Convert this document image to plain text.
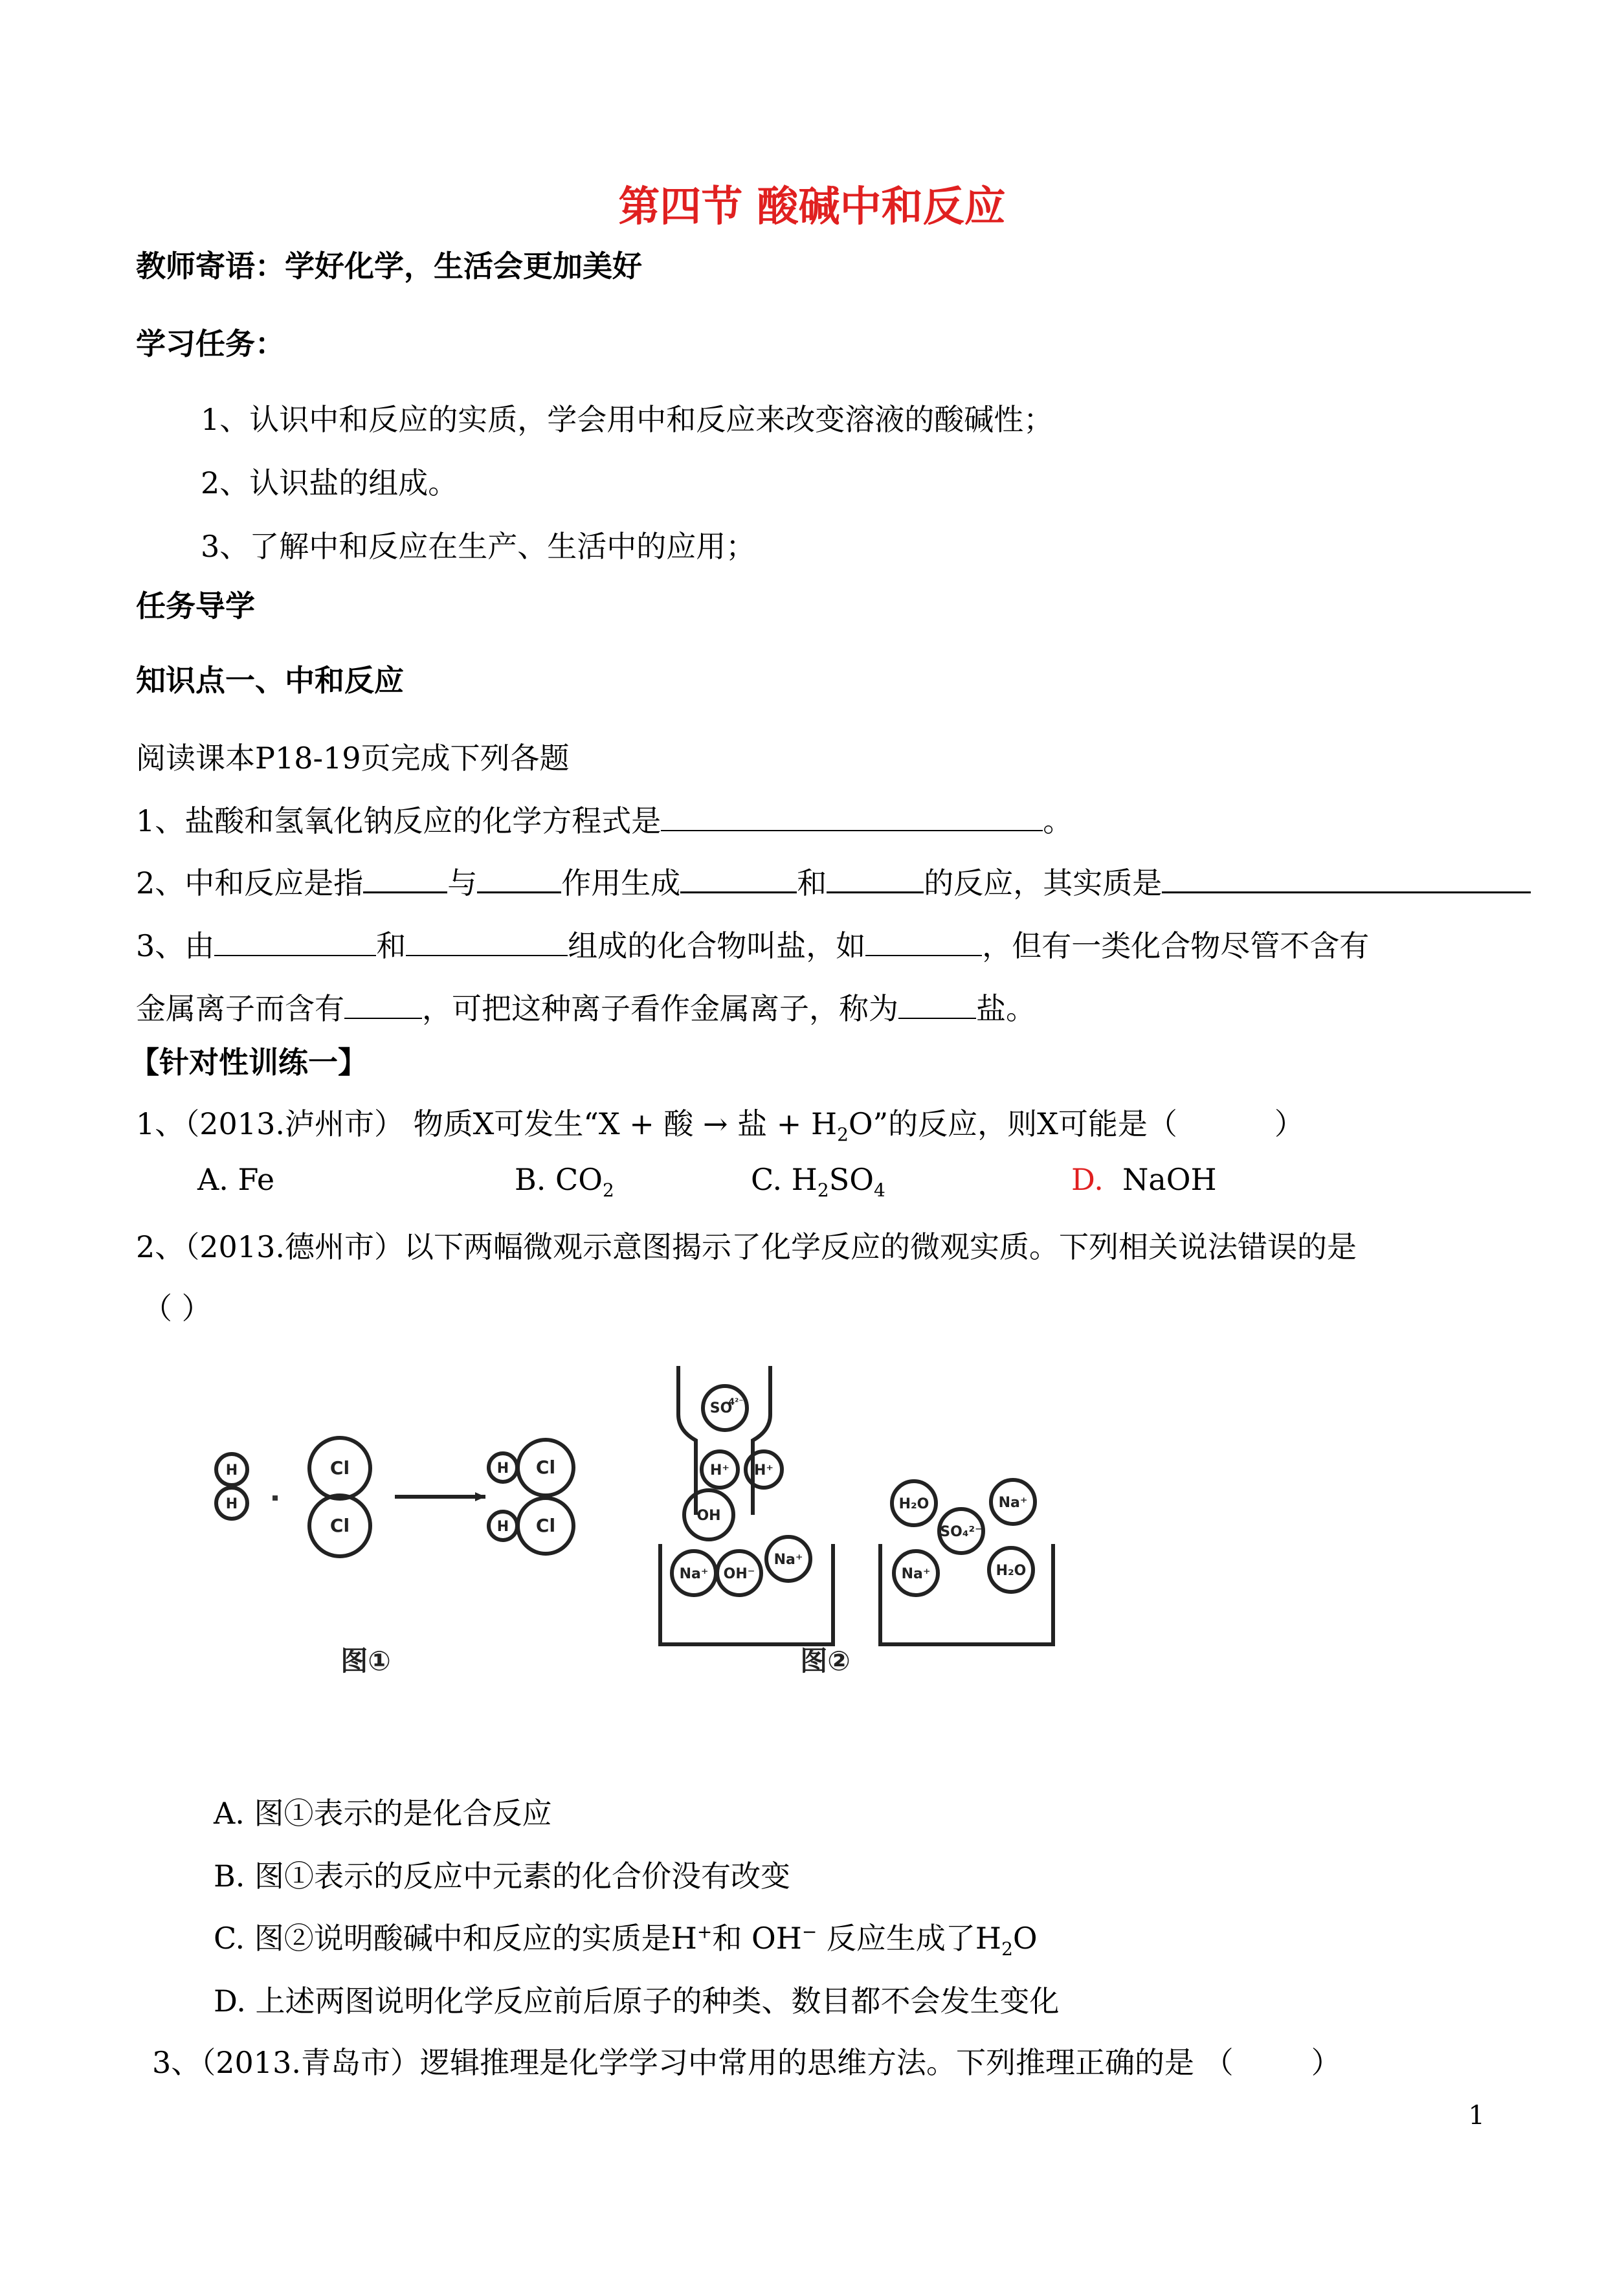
第四节 酸碱中和反应
教师寄语：学好化学，生活会更加美好
学习任务：
1、认识中和反应的实质，学会用中和反应来改变溶液的酸碱性；
2、认识盐的组成。
3、了解中和反应在生产、生活中的应用；
任务导学
知识点一、中和反应
阅读课本P18-19页完成下列各题
1、盐酸和氢氧化钠反应的化学方程式是	。
2、中和反应是指	与	作用生成	和	的反应，其实质是
3、由	和	组成的化合物叫盐，如	，但有一类化合物尽管不含有
金属离子而含有	，可把这种离子看作金属离子，称为	盐。
【针对性训练一】
1、（2013.泸州市） 物质X可发生“X + 酸 → 盐 + $H_2O$”的反应，则X可能是（	）
A. Fe	B. $CO_2$	C. $H_2SO_4$	D. NaOH
2、（2013.德州市）以下两幅微观示意图揭示了化学反应的微观实质。下列相关说法错误的是
（ ）
H
H
Cl
Cl
H Cl
H Cl
SO
4²⁻
H⁺ H⁺
OH
Na⁺ OH⁻
Na⁺
H₂O
SO₄²⁻
Na⁺
Na⁺	H₂O
图①	图②
A. 图①表示的是化合反应
B. 图①表示的反应中元素的化合价没有改变
C. 图②说明酸碱中和反应的实质是H+和 OH− 反应生成了$H_2O$
D. 上述两图说明化学反应前后原子的种类、数目都不会发生变化
3、（2013.青岛市）逻辑推理是化学学习中常用的思维方法。下列推理正确的是 （	）
1
